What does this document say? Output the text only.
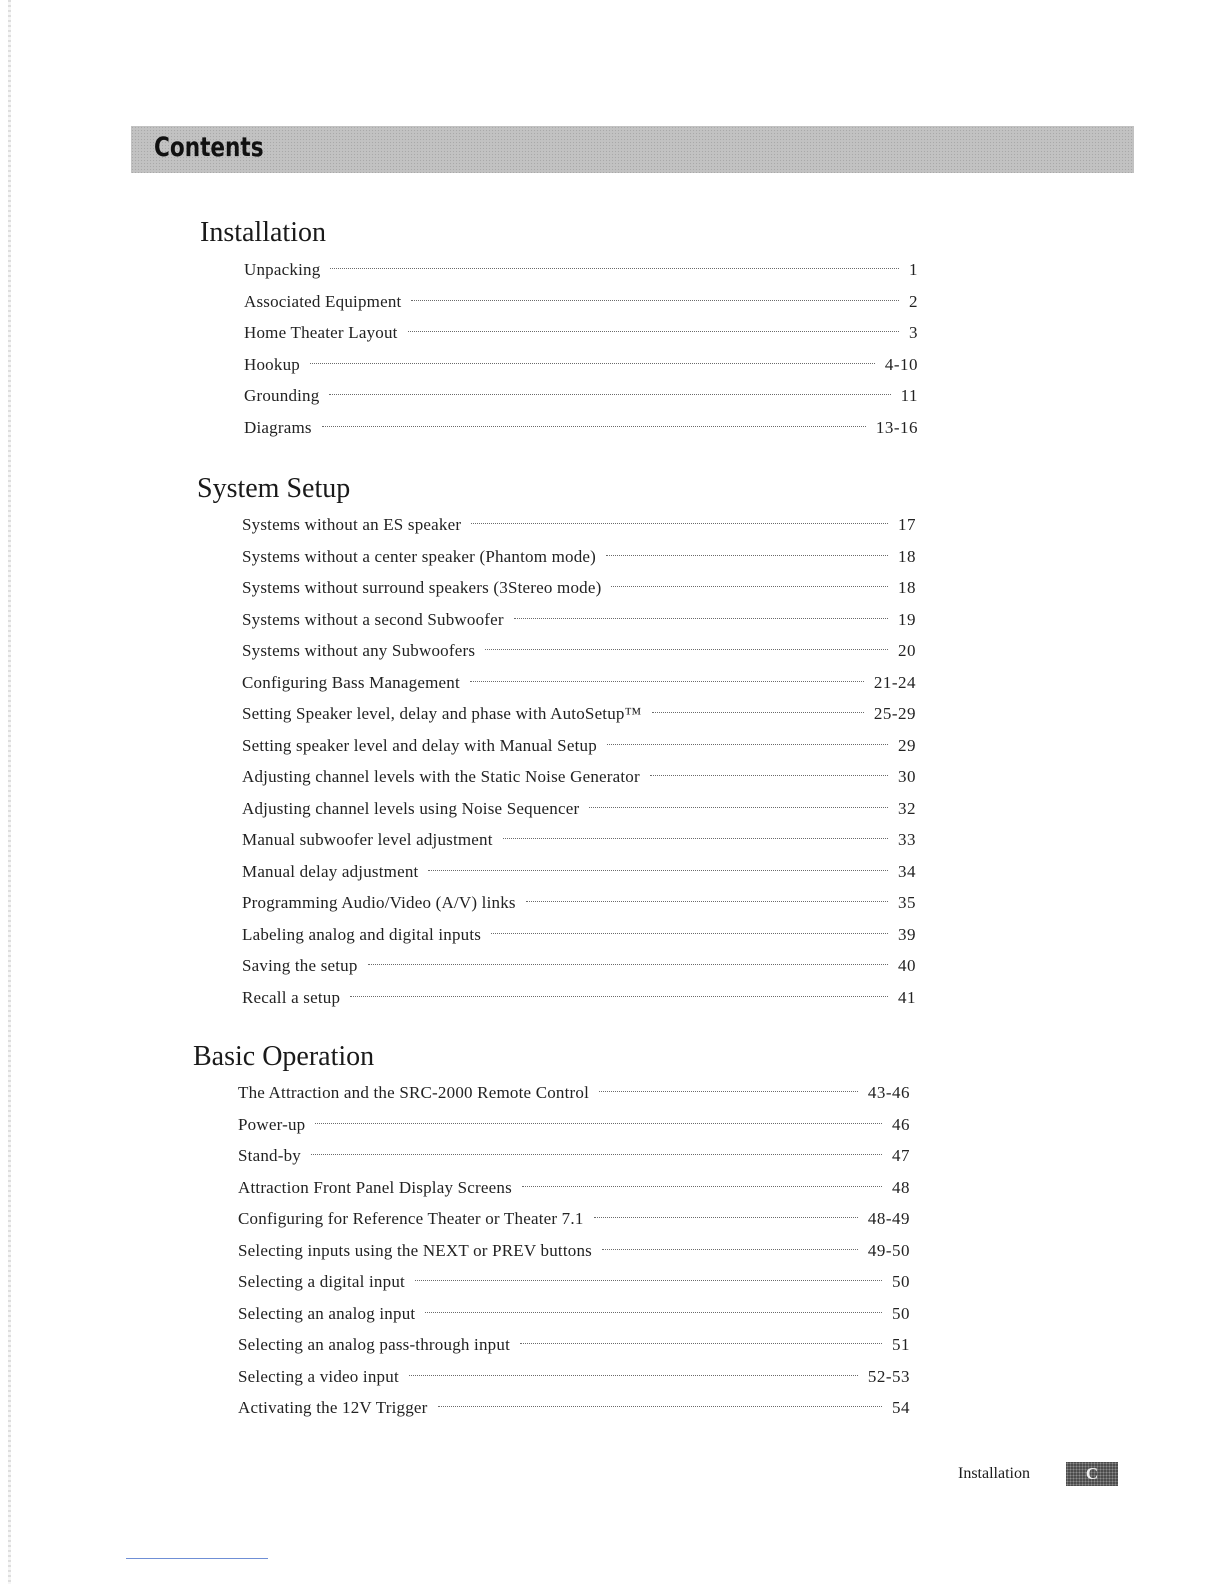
Contents
Installation
Unpacking	1
Associated Equipment	2
Home Theater Layout	3
Hookup	4-10
Grounding	11
Diagrams	13-16
System Setup
Systems without an ES speaker	17
Systems without a center speaker (Phantom mode)	18
Systems without surround speakers (3Stereo mode)	18
Systems without a second Subwoofer	19
Systems without any Subwoofers	20
Configuring Bass Management	21-24
Setting Speaker level, delay and phase with AutoSetup™	25-29
Setting speaker level and delay with Manual Setup	29
Adjusting channel levels with the Static Noise Generator	30
Adjusting channel levels using Noise Sequencer	32
Manual subwoofer level adjustment	33
Manual delay adjustment	34
Programming Audio/Video (A/V) links	35
Labeling analog and digital inputs	39
Saving the setup	40
Recall a setup	41
Basic Operation
The Attraction and the SRC-2000 Remote Control	43-46
Power-up	46
Stand-by	47
Attraction Front Panel Display Screens	48
Configuring for Reference Theater or Theater 7.1	48-49
Selecting inputs using the NEXT or PREV buttons	49-50
Selecting a digital input	50
Selecting an analog input	50
Selecting an analog pass-through input	51
Selecting a video input	52-53
Activating the 12V Trigger	54
Installation	C
